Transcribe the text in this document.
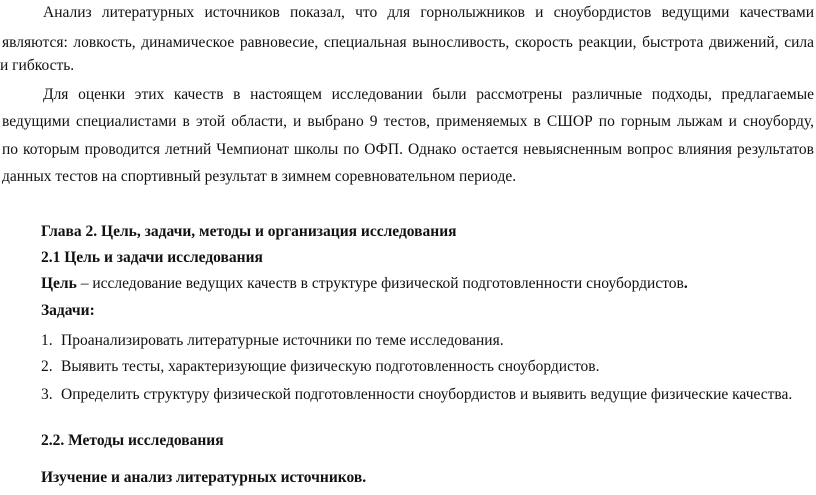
Анализ литературных источников показал, что для горнолыжников и сноубордистов ведущими качествами
являются: ловкость, динамическое равновесие, специальная выносливость, скорость реакции, быстрота движений, сила
и гибкость.
Для оценки этих качеств в настоящем исследовании были рассмотрены различные подходы, предлагаемые
ведущими специалистами в этой области, и выбрано 9 тестов, применяемых в СШОР по горным лыжам и сноуборду,
по которым проводится летний Чемпионат школы по ОФП. Однако остается невыясненным вопрос влияния результатов
данных тестов на спортивный результат в зимнем соревновательном периоде.
Глава 2. Цель, задачи, методы и организация исследования
2.1 Цель и задачи исследования
Цель – исследование ведущих качеств в структуре физической подготовленности сноубордистов.
Задачи:
1. Проанализировать литературные источники по теме исследования.
2. Выявить тесты, характеризующие физическую подготовленность сноубордистов.
3. Определить структуру физической подготовленности сноубордистов и выявить ведущие физические качества.
2.2. Методы исследования
Изучение и анализ литературных источников.
